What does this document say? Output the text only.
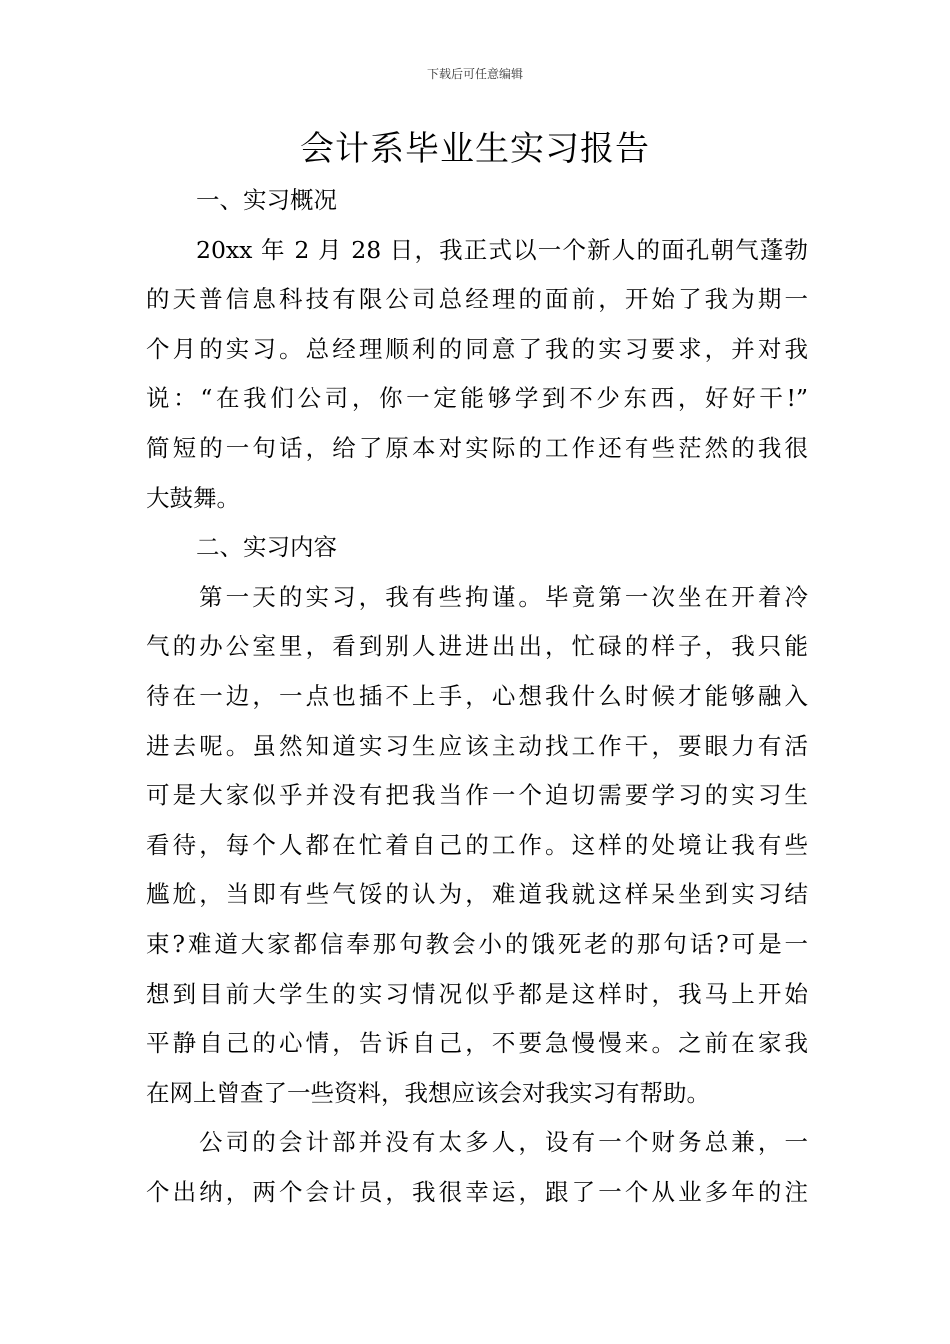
下载后可任意编辑
会计系毕业生实习报告
一、实习概况
20xx 年 2 月 28 日，我正式以一个新人的面孔朝气蓬勃
的天普信息科技有限公司总经理的面前，开始了我为期一
个月的实习。总经理顺利的同意了我的实习要求，并对我
说：“在我们公司，你一定能够学到不少东西，好好干!”
简短的一句话，给了原本对实际的工作还有些茫然的我很
大鼓舞。
二、实习内容
第一天的实习，我有些拘谨。毕竟第一次坐在开着冷
气的办公室里，看到别人进进出出，忙碌的样子，我只能
待在一边，一点也插不上手，心想我什么时候才能够融入
进去呢。虽然知道实习生应该主动找工作干，要眼力有活
可是大家似乎并没有把我当作一个迫切需要学习的实习生
看待，每个人都在忙着自己的工作。这样的处境让我有些
尴尬，当即有些气馁的认为，难道我就这样呆坐到实习结
束?难道大家都信奉那句教会小的饿死老的那句话?可是一
想到目前大学生的实习情况似乎都是这样时，我马上开始
平静自己的心情，告诉自己，不要急慢慢来。之前在家我
在网上曾查了一些资料，我想应该会对我实习有帮助。
公司的会计部并没有太多人，设有一个财务总兼，一
个出纳，两个会计员，我很幸运，跟了一个从业多年的注
